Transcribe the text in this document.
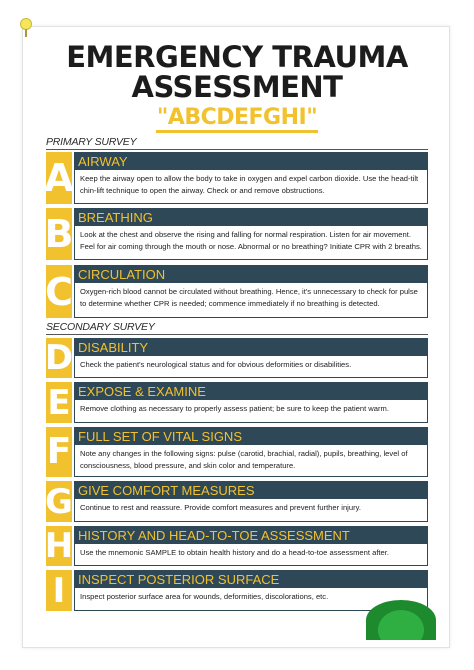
EMERGENCY TRAUMA
ASSESSMENT
"ABCDEFGHI"
PRIMARY SURVEY
SECONDARY SURVEY
A AIRWAY
Keep the airway open to allow the body to take in oxygen and expel carbon dioxide. Use the head-tilt chin-lift technique to open the airway. Check or and remove obstructions.
B BREATHING
Look at the chest and observe the rising and falling for normal respiration. Listen for air movement. Feel for air coming through the mouth or nose. Abnormal or no breathing? Initiate CPR with 2 breaths.
C CIRCULATION
Oxygen-rich blood cannot be circulated without breathing. Hence, it's unnecessary to check for pulse to determine whether CPR is needed; commence immediately if no breathing is detected.
D DISABILITY
Check the patient's neurological status and for obvious deformities or disabilities.
E EXPOSE & EXAMINE
Remove clothing as necessary to properly assess patient; be sure to keep the patient warm.
F FULL SET OF VITAL SIGNS
Note any changes in the following signs: pulse (carotid, brachial, radial), pupils, breathing, level of consciousness, blood pressure, and skin color and temperature.
G GIVE COMFORT MEASURES
Continue to rest and reassure. Provide comfort measures and prevent further injury.
H HISTORY AND HEAD-TO-TOE ASSESSMENT
Use the mnemonic SAMPLE to obtain health history and do a head-to-toe assessment after.
I INSPECT POSTERIOR SURFACE
Inspect posterior surface area for wounds, deformities, discolorations, etc.
